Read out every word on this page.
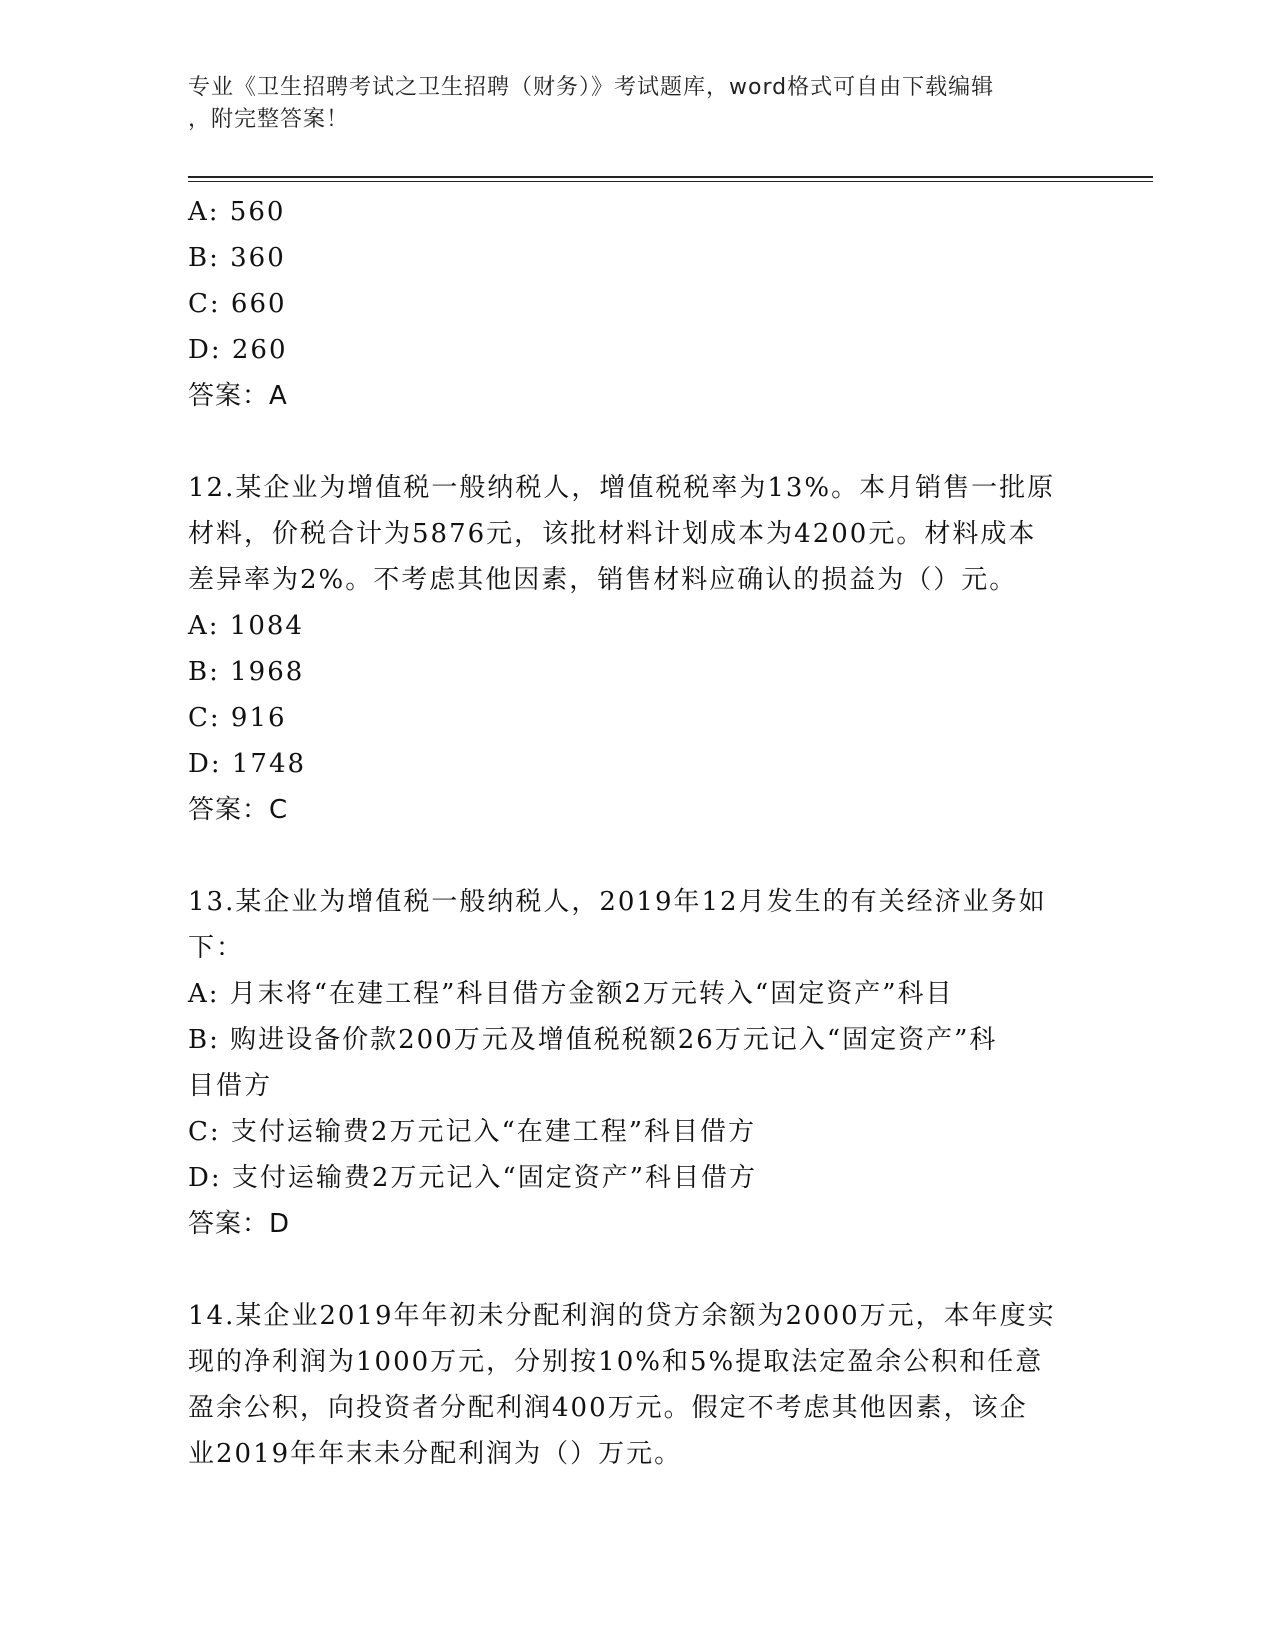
专业《卫生招聘考试之卫生招聘（财务）》考试题库，word格式可自由下载编辑
，附完整答案！
A: 560
B: 360
C: 660
D: 260
答案：A
12.某企业为增值税一般纳税人，增值税税率为13%。本月销售一批原
材料，价税合计为5876元，该批材料计划成本为4200元。材料成本
差异率为2%。不考虑其他因素，销售材料应确认的损益为（）元。
A: 1084
B: 1968
C: 916
D: 1748
答案：C
13.某企业为增值税一般纳税人，2019年12月发生的有关经济业务如
下：
A: 月末将“在建工程”科目借方金额2万元转入“固定资产”科目
B: 购进设备价款200万元及增值税税额26万元记入“固定资产”科
目借方
C: 支付运输费2万元记入“在建工程”科目借方
D: 支付运输费2万元记入“固定资产”科目借方
答案：D
14.某企业2019年年初未分配利润的贷方余额为2000万元，本年度实
现的净利润为1000万元，分别按10%和5%提取法定盈余公积和任意
盈余公积，向投资者分配利润400万元。假定不考虑其他因素，该企
业2019年年末未分配利润为（）万元。
